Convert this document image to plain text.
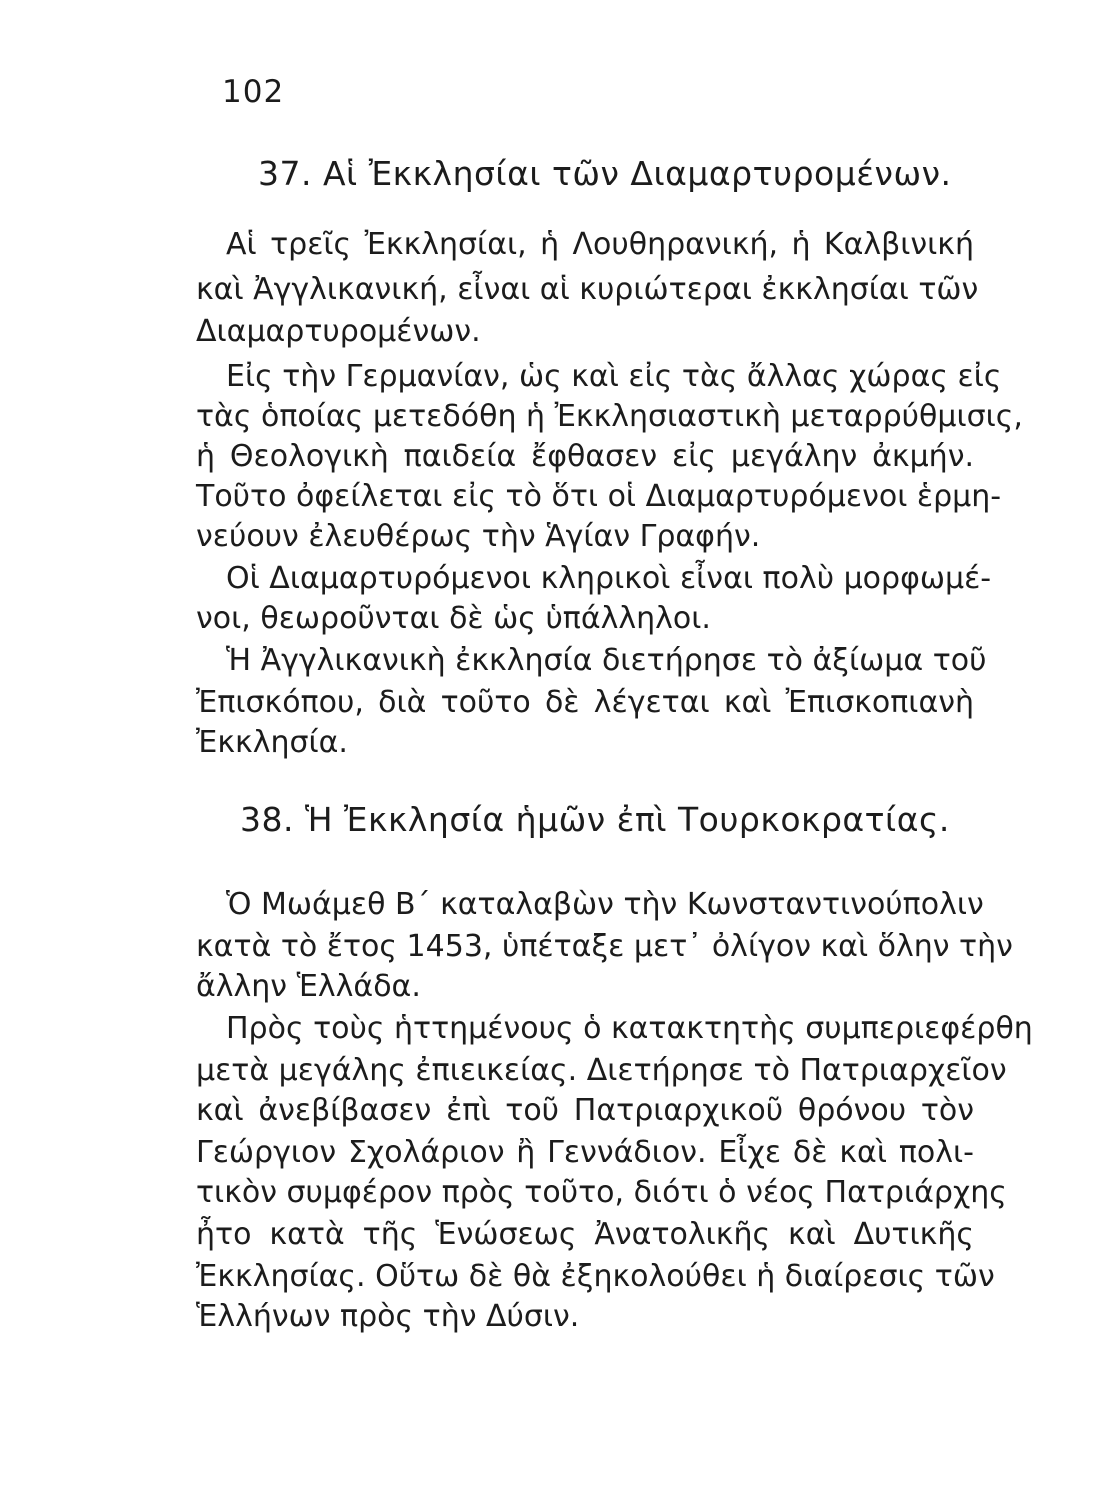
102
37. Αἱ Ἐκκλησίαι τῶν Διαμαρτυρομένων.
Αἱ τρεῖς Ἐκκλησίαι, ἡ Λουθηρανική, ἡ Καλβινική
καὶ Ἀγγλικανική, εἶναι αἱ κυριώτεραι ἐκκλησίαι τῶν
Διαμαρτυρομένων.
Εἰς τὴν Γερμανίαν, ὡς καὶ εἰς τὰς ἄλλας χώρας εἰς
τὰς ὁποίας μετεδόθη ἡ Ἐκκλησιαστικὴ μεταρρύθμισις,
ἡ Θεολογικὴ παιδεία ἔφθασεν εἰς μεγάλην ἀκμήν.
Τοῦτο ὀφείλεται εἰς τὸ ὅτι οἱ Διαμαρτυρόμενοι ἑρμη-
νεύουν ἐλευθέρως τὴν Ἁγίαν Γραφήν.
Οἱ Διαμαρτυρόμενοι κληρικοὶ εἶναι πολὺ μορφωμέ-
νοι, θεωροῦνται δὲ ὡς ὑπάλληλοι.
Ἡ Ἀγγλικανικὴ ἐκκλησία διετήρησε τὸ ἀξίωμα τοῦ
Ἐπισκόπου, διὰ τοῦτο δὲ λέγεται καὶ Ἐπισκοπιανὴ
Ἐκκλησία.
38. Ἡ Ἐκκλησία ἡμῶν ἐπὶ Τουρκοκρατίας.
Ὁ Μωάμεθ Β΄ καταλαβὼν τὴν Κωνσταντινούπολιν
κατὰ τὸ ἔτος 1453, ὑπέταξε μετ᾽ ὀλίγον καὶ ὅλην τὴν
ἄλλην Ἑλλάδα.
Πρὸς τοὺς ἡττημένους ὁ κατακτητὴς συμπεριεφέρθη
μετὰ μεγάλης ἐπιεικείας. Διετήρησε τὸ Πατριαρχεῖον
καὶ ἀνεβίβασεν ἐπὶ τοῦ Πατριαρχικοῦ θρόνου τὸν
Γεώργιον Σχολάριον ἢ Γεννάδιον. Εἶχε δὲ καὶ πολι-
τικὸν συμφέρον πρὸς τοῦτο, διότι ὁ νέος Πατριάρχης
ἦτο κατὰ τῆς Ἑνώσεως Ἀνατολικῆς καὶ Δυτικῆς
Ἐκκλησίας. Οὕτω δὲ θὰ ἐξηκολούθει ἡ διαίρεσις τῶν
Ἑλλήνων πρὸς τὴν Δύσιν.
